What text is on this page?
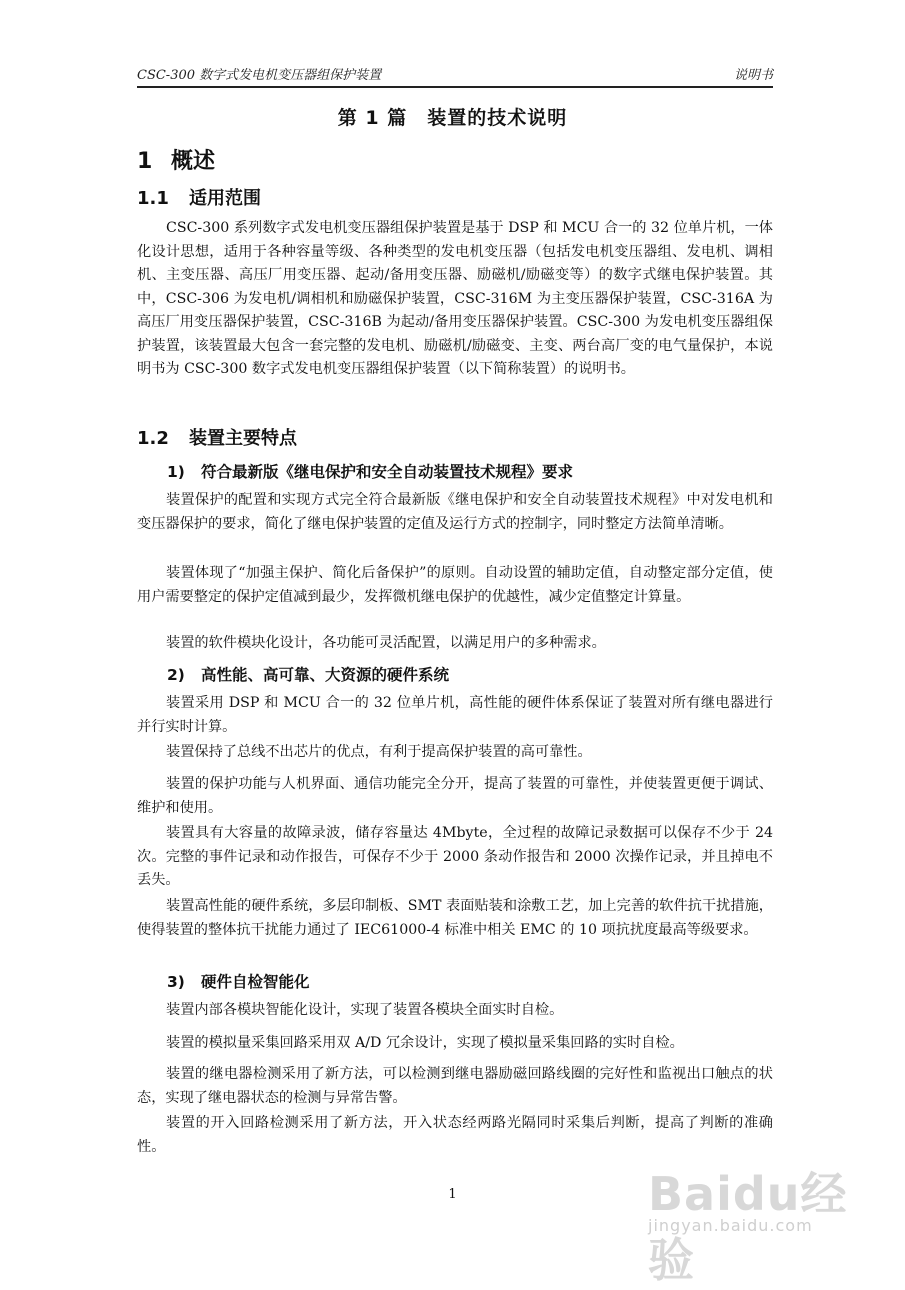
CSC-300 数字式发电机变压器组保护装置	说明书
第 1 篇　装置的技术说明
1 概述
1.1 适用范围

CSC-300 系列数字式发电机变压器组保护装置是基于 DSP 和 MCU 合一的 32 位单片机，一体化设计思想，适用于各种容量等级、各种类型的发电机变压器（包括发电机变压器组、发电机、调相机、主变压器、高压厂用变压器、起动/备用变压器、励磁机/励磁变等）的数字式继电保护装置。其中，CSC-306 为发电机/调相机和励磁保护装置，CSC-316M 为主变压器保护装置，CSC-316A 为高压厂用变压器保护装置，CSC-316B 为起动/备用变压器保护装置。CSC-300 为发电机变压器组保护装置，该装置最大包含一套完整的发电机、励磁机/励磁变、主变、两台高厂变的电气量保护，本说明书为 CSC-300 数字式发电机变压器组保护装置（以下简称装置）的说明书。

1.2 装置主要特点
1) 符合最新版《继电保护和安全自动装置技术规程》要求

装置保护的配置和实现方式完全符合最新版《继电保护和安全自动装置技术规程》中对发电机和变压器保护的要求，简化了继电保护装置的定值及运行方式的控制字，同时整定方法简单清晰。

装置体现了“加强主保护、简化后备保护”的原则。自动设置的辅助定值，自动整定部分定值，使用户需要整定的保护定值减到最少，发挥微机继电保护的优越性，减少定值整定计算量。

装置的软件模块化设计，各功能可灵活配置，以满足用户的多种需求。

2) 高性能、高可靠、大资源的硬件系统

装置采用 DSP 和 MCU 合一的 32 位单片机，高性能的硬件体系保证了装置对所有继电器进行并行实时计算。

装置保持了总线不出芯片的优点，有利于提高保护装置的高可靠性。

装置的保护功能与人机界面、通信功能完全分开，提高了装置的可靠性，并使装置更便于调试、维护和使用。

装置具有大容量的故障录波，储存容量达 4Mbyte，全过程的故障记录数据可以保存不少于 24 次。完整的事件记录和动作报告，可保存不少于 2000 条动作报告和 2000 次操作记录，并且掉电不丢失。

装置高性能的硬件系统，多层印制板、SMT 表面贴装和涂敷工艺，加上完善的软件抗干扰措施，使得装置的整体抗干扰能力通过了 IEC61000-4 标准中相关 EMC 的 10 项抗扰度最高等级要求。

3) 硬件自检智能化

装置内部各模块智能化设计，实现了装置各模块全面实时自检。

装置的模拟量采集回路采用双 A/D 冗余设计，实现了模拟量采集回路的实时自检。

装置的继电器检测采用了新方法，可以检测到继电器励磁回路线圈的完好性和监视出口触点的状态，实现了继电器状态的检测与异常告警。

装置的开入回路检测采用了新方法，开入状态经两路光隔同时采集后判断，提高了判断的准确性。

1	Baidu经验
jingyan.baidu.com
